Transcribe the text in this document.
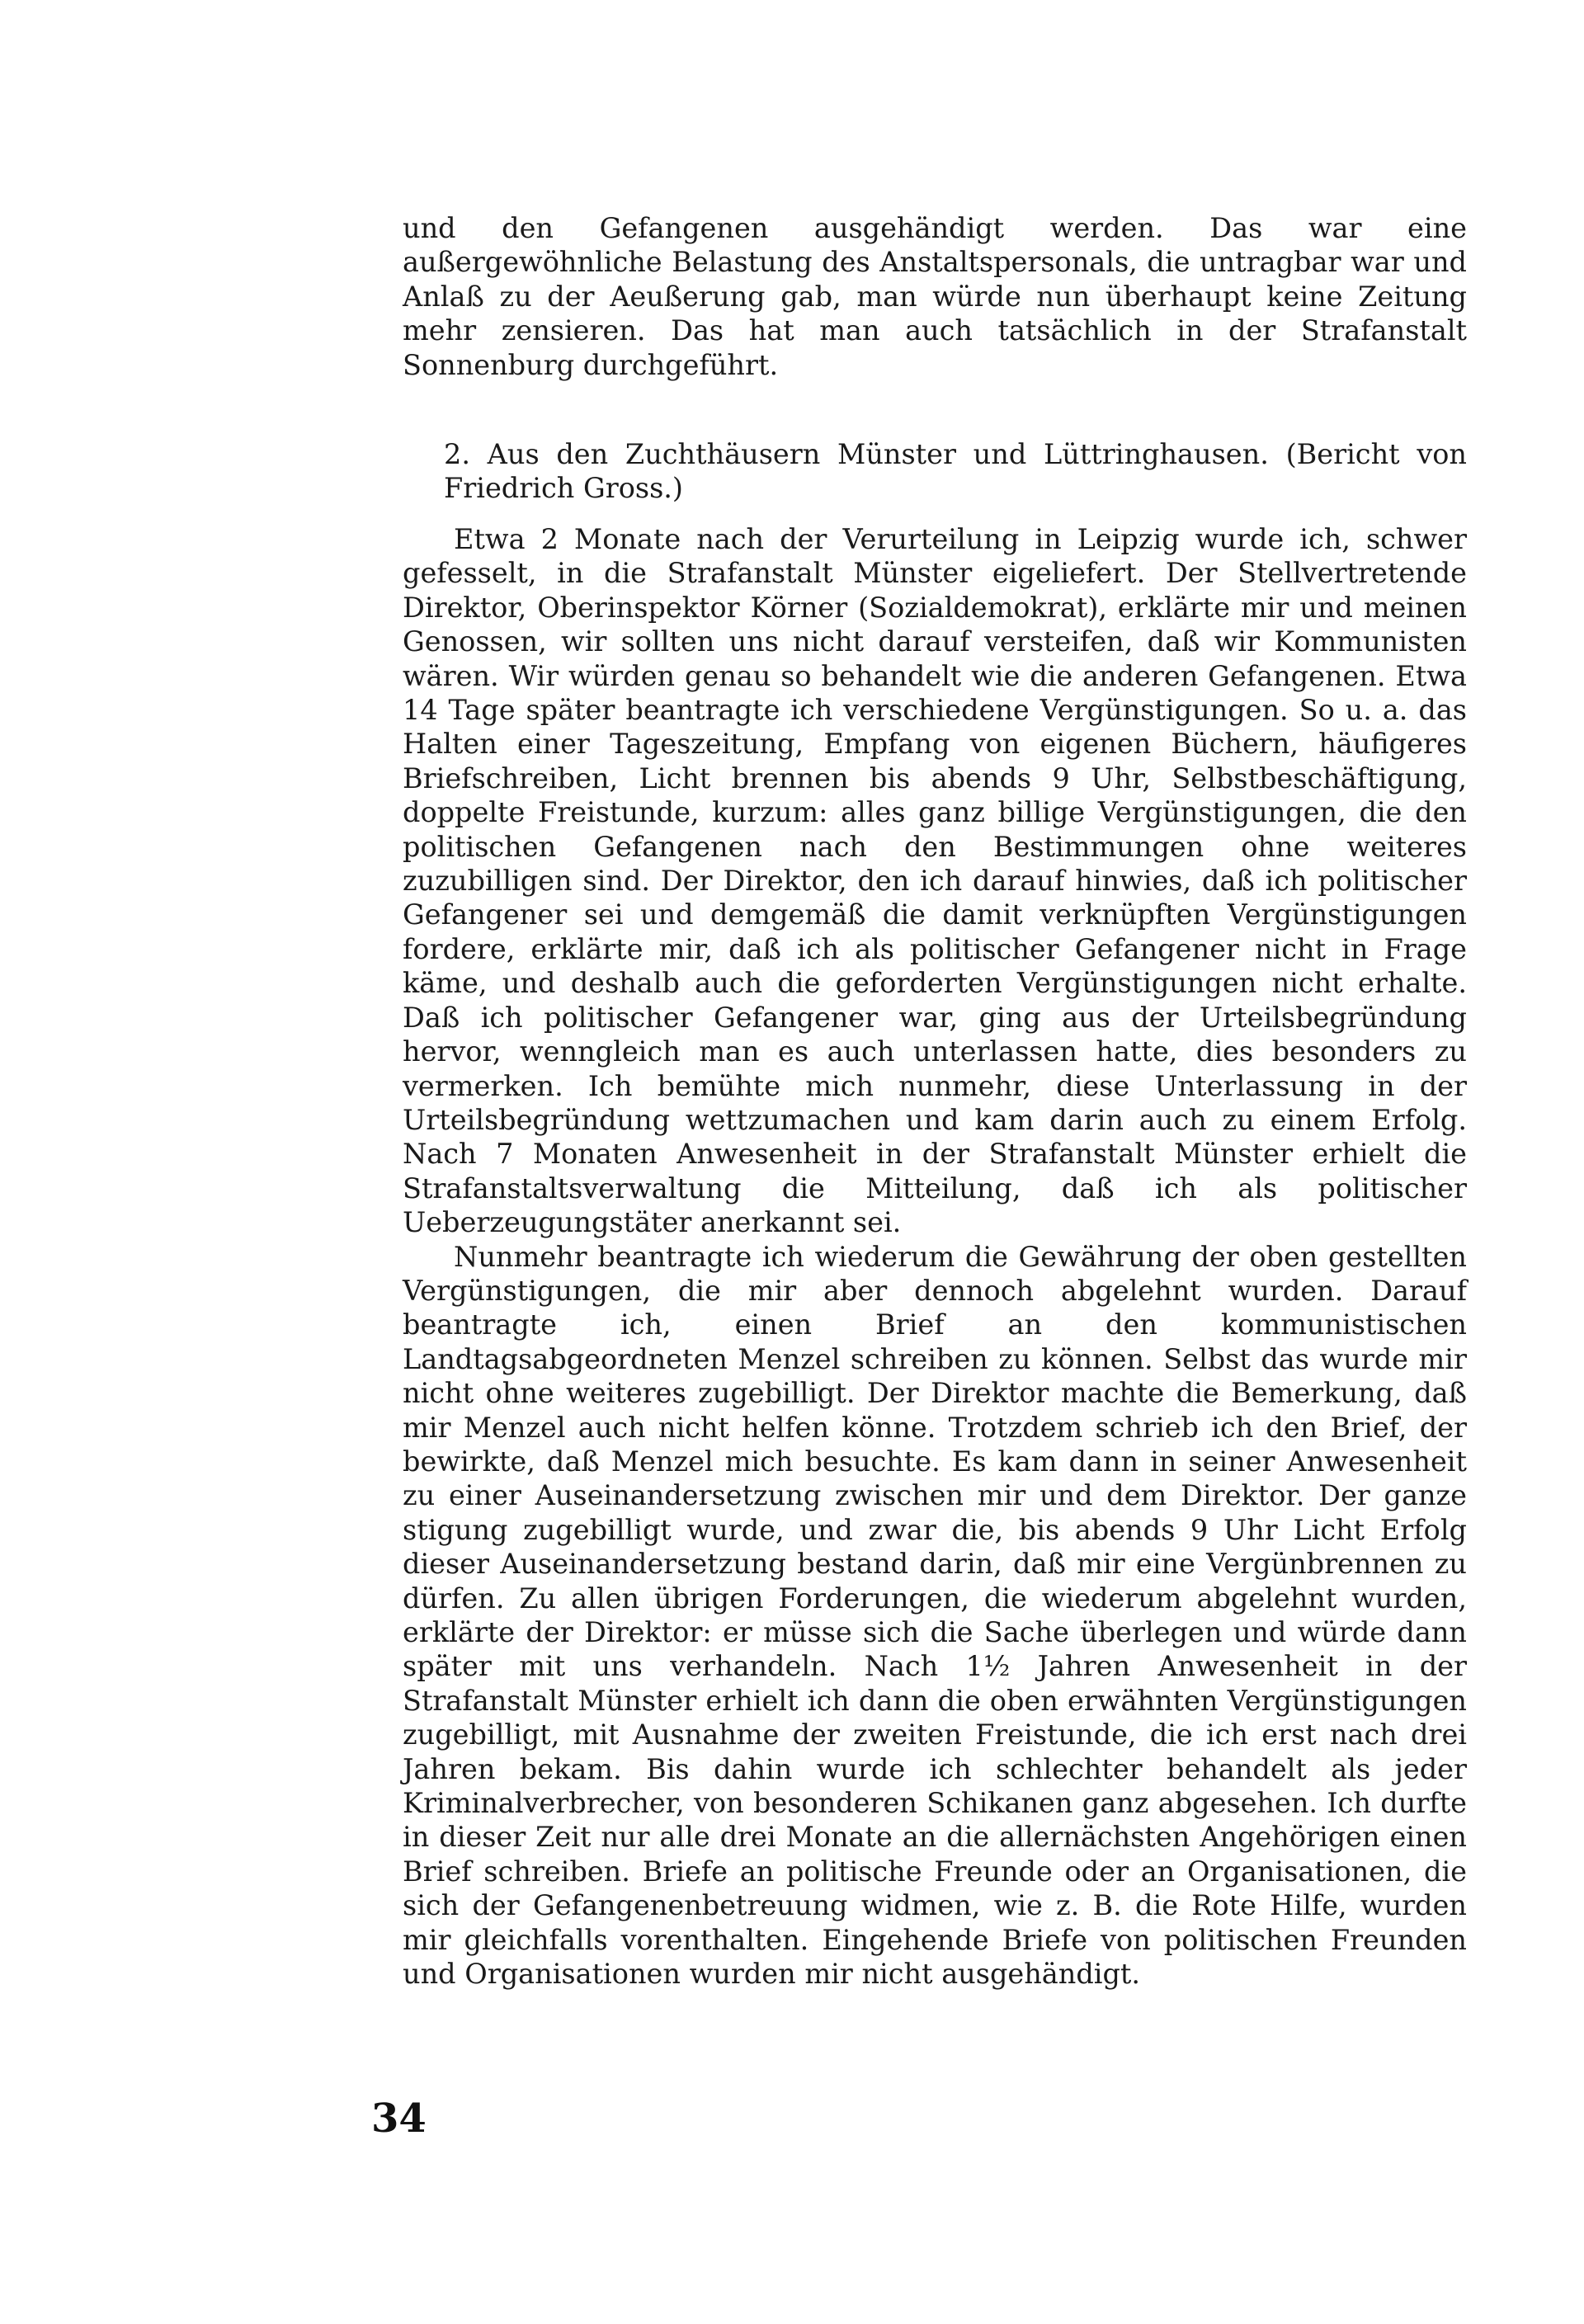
und den Gefangenen ausgehändigt werden. Das war eine außergewöhnliche Belastung des Anstaltspersonals, die untragbar war und Anlaß zu der Aeußerung gab, man würde nun überhaupt keine Zeitung mehr zensieren. Das hat man auch tatsächlich in der Strafanstalt Sonnenburg durchgeführt.

2. Aus den Zuchthäusern Münster und Lüttringhausen. (Bericht von Friedrich Gross.)

Etwa 2 Monate nach der Verurteilung in Leipzig wurde ich, schwer gefesselt, in die Strafanstalt Münster eigeliefert. Der Stellvertretende Direktor, Oberinspektor Körner (Sozialdemokrat), erklärte mir und meinen Genossen, wir sollten uns nicht darauf versteifen, daß wir Kommunisten wären. Wir würden genau so behandelt wie die anderen Gefangenen. Etwa 14 Tage später beantragte ich verschiedene Vergünstigungen. So u. a. das Halten einer Tageszeitung, Empfang von eigenen Büchern, häufigeres Briefschreiben, Licht brennen bis abends 9 Uhr, Selbstbeschäftigung, doppelte Freistunde, kurzum: alles ganz billige Vergünstigungen, die den politischen Gefangenen nach den Bestimmungen ohne weiteres zuzubilligen sind. Der Direktor, den ich darauf hinwies, daß ich politischer Gefangener sei und demgemäß die damit verknüpften Vergünstigungen fordere, erklärte mir, daß ich als politischer Gefangener nicht in Frage käme, und deshalb auch die geforderten Vergünstigungen nicht erhalte. Daß ich politischer Gefangener war, ging aus der Urteilsbegründung hervor, wenngleich man es auch unterlassen hatte, dies besonders zu vermerken. Ich bemühte mich nunmehr, diese Unterlassung in der Urteilsbegründung wettzumachen und kam darin auch zu einem Erfolg. Nach 7 Monaten Anwesenheit in der Strafanstalt Münster erhielt die Strafanstaltsverwaltung die Mitteilung, daß ich als politischer Ueberzeugungstäter anerkannt sei.

Nunmehr beantragte ich wiederum die Gewährung der oben gestellten Vergünstigungen, die mir aber dennoch abgelehnt wurden. Darauf beantragte ich, einen Brief an den kommunistischen Landtagsabgeordneten Menzel schreiben zu können. Selbst das wurde mir nicht ohne weiteres zugebilligt. Der Direktor machte die Bemerkung, daß mir Menzel auch nicht helfen könne. Trotzdem schrieb ich den Brief, der bewirkte, daß Menzel mich besuchte. Es kam dann in seiner Anwesenheit zu einer Auseinandersetzung zwischen mir und dem Direktor. Der ganze stigung zugebilligt wurde, und zwar die, bis abends 9 Uhr Licht Erfolg dieser Auseinandersetzung bestand darin, daß mir eine Vergünbrennen zu dürfen. Zu allen übrigen Forderungen, die wiederum abgelehnt wurden, erklärte der Direktor: er müsse sich die Sache überlegen und würde dann später mit uns verhandeln. Nach 1½ Jahren Anwesenheit in der Strafanstalt Münster erhielt ich dann die oben erwähnten Vergünstigungen zugebilligt, mit Ausnahme der zweiten Freistunde, die ich erst nach drei Jahren bekam. Bis dahin wurde ich schlechter behandelt als jeder Kriminalverbrecher, von besonderen Schikanen ganz abgesehen. Ich durfte in dieser Zeit nur alle drei Monate an die allernächsten Angehörigen einen Brief schreiben. Briefe an politische Freunde oder an Organisationen, die sich der Gefangenenbetreuung widmen, wie z. B. die Rote Hilfe, wurden mir gleichfalls vorenthalten. Eingehende Briefe von politischen Freunden und Organisationen wurden mir nicht ausgehändigt.

34
